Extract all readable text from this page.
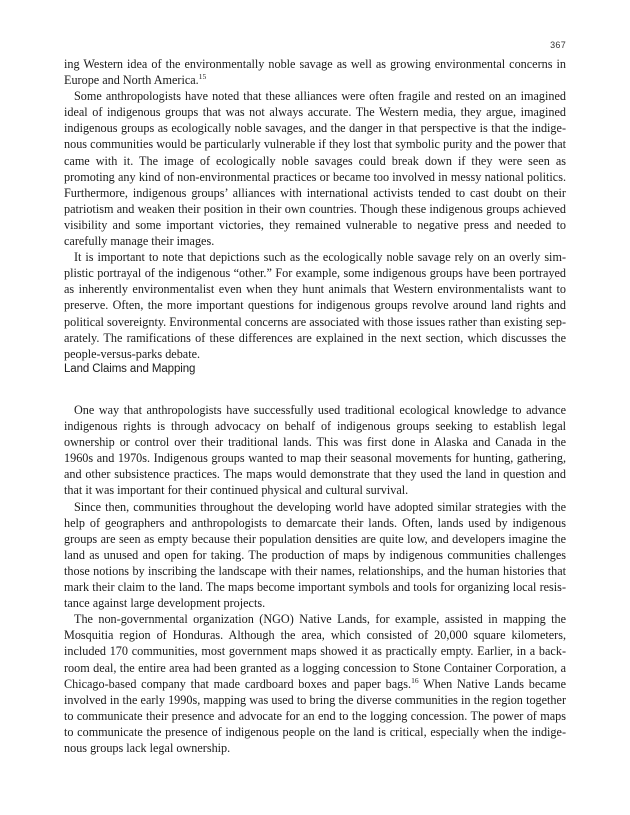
367

ing Western idea of the environmentally noble savage as well as growing environmental concerns in Europe and North America.$^{15}$

Some anthropologists have noted that these alliances were often fragile and rested on an imagined ideal of indigenous groups that was not always accurate. The Western media, they argue, imagined indigenous groups as ecologically noble savages, and the danger in that perspective is that the indigenous communities would be particularly vulnerable if they lost that symbolic purity and the power that came with it. The image of ecologically noble savages could break down if they were seen as promoting any kind of non-environmental practices or became too involved in messy national politics. Furthermore, indigenous groups’ alliances with international activists tended to cast doubt on their patriotism and weaken their position in their own countries. Though these indigenous groups achieved visibility and some important victories, they remained vulnerable to negative press and needed to carefully manage their images.

It is important to note that depictions such as the ecologically noble savage rely on an overly simplistic portrayal of the indigenous “other.” For example, some indigenous groups have been portrayed as inherently environmentalist even when they hunt animals that Western environmentalists want to preserve. Often, the more important questions for indigenous groups revolve around land rights and political sovereignty. Environmental concerns are associated with those issues rather than existing separately. The ramifications of these differences are explained in the next section, which discusses the people-versus-parks debate.

Land Claims and Mapping

One way that anthropologists have successfully used traditional ecological knowledge to advance indigenous rights is through advocacy on behalf of indigenous groups seeking to establish legal ownership or control over their traditional lands. This was first done in Alaska and Canada in the 1960s and 1970s. Indigenous groups wanted to map their seasonal movements for hunting, gathering, and other subsistence practices. The maps would demonstrate that they used the land in question and that it was important for their continued physical and cultural survival.

Since then, communities throughout the developing world have adopted similar strategies with the help of geographers and anthropologists to demarcate their lands. Often, lands used by indigenous groups are seen as empty because their population densities are quite low, and developers imagine the land as unused and open for taking. The production of maps by indigenous communities challenges those notions by inscribing the landscape with their names, relationships, and the human histories that mark their claim to the land. The maps become important symbols and tools for organizing local resistance against large development projects.

The non-governmental organization (NGO) Native Lands, for example, assisted in mapping the Mosquitia region of Honduras. Although the area, which consisted of 20,000 square kilometers, included 170 communities, most government maps showed it as practically empty. Earlier, in a backroom deal, the entire area had been granted as a logging concession to Stone Container Corporation, a Chicago-based company that made cardboard boxes and paper bags.$^{16}$ When Native Lands became involved in the early 1990s, mapping was used to bring the diverse communities in the region together to communicate their presence and advocate for an end to the logging concession. The power of maps to communicate the presence of indigenous people on the land is critical, especially when the indigenous groups lack legal ownership.
